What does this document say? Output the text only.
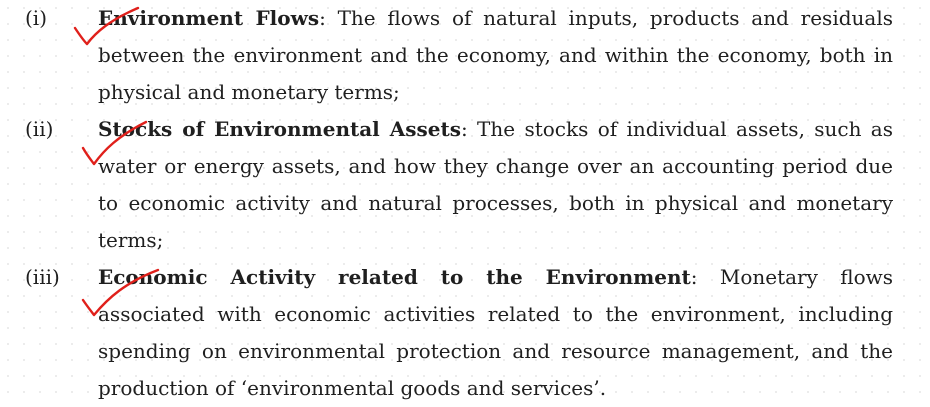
(i)	Environment Flows: The flows of natural inputs, products and residuals between the environment and the economy, and within the economy, both in physical and monetary terms;
(ii) Stocks of Environmental Assets: The stocks of individual assets, such as water or energy assets, and how they change over an accounting period due to economic activity and natural processes, both in physical and monetary terms;
(iii) Economic Activity related to the Environment: Monetary flows associated with economic activities related to the environment, including spending on environmental protection and resource management, and the production of ‘environmental goods and services’.
